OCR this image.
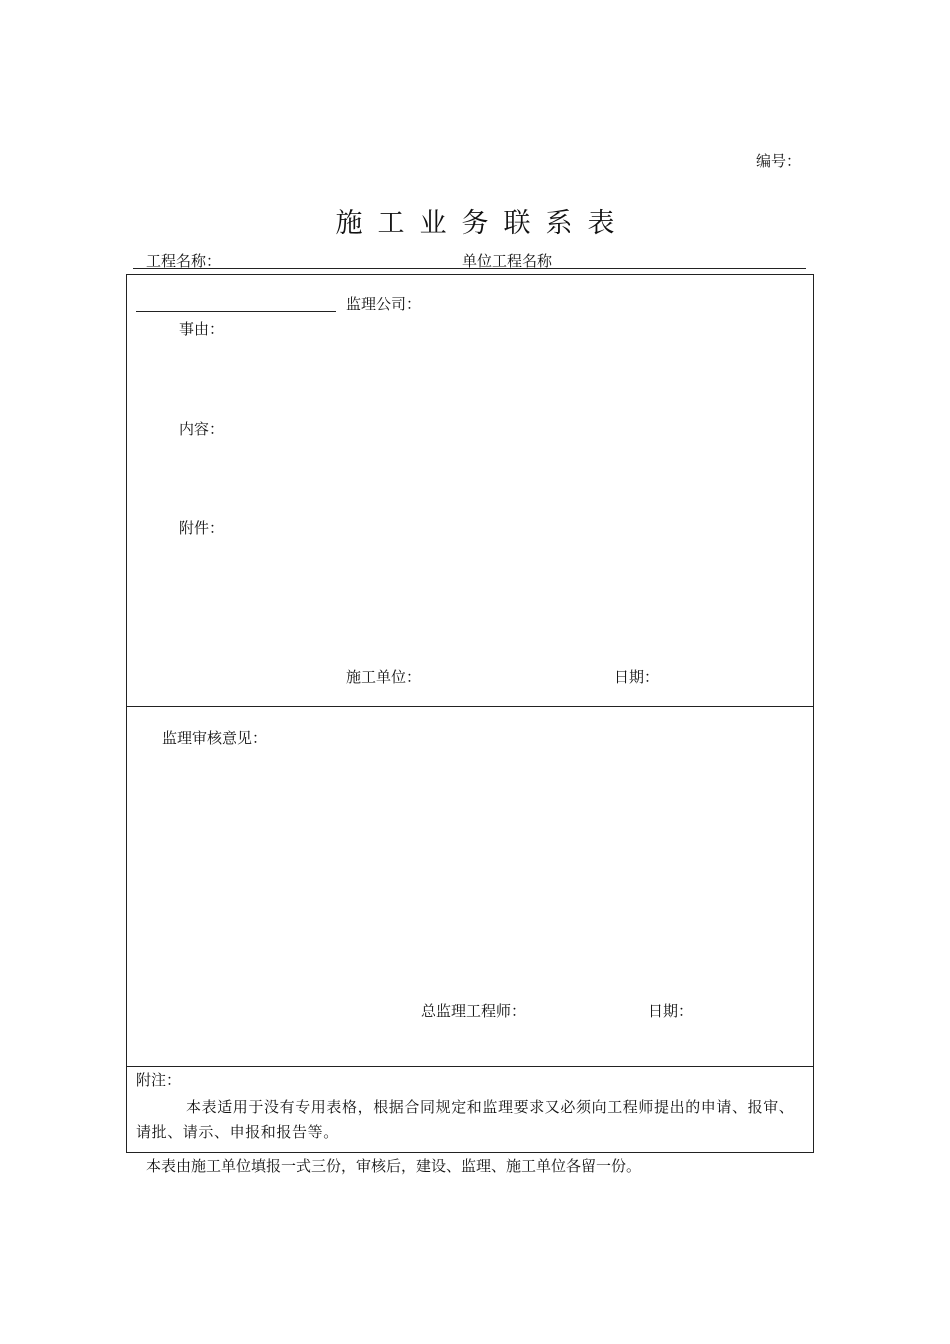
编号：
施工业务联系表
工程名称：	单位工程名称
监理公司：
事由：
内容：
附件：
施工单位：	日期：
监理审核意见：
总监理工程师：	日期：
附注：
本表适用于没有专用表格，根据合同规定和监理要求又必须向工程师提出的申请、报审、请批、请示、申报和报告等。
本表由施工单位填报一式三份，审核后，建设、监理、施工单位各留一份。
